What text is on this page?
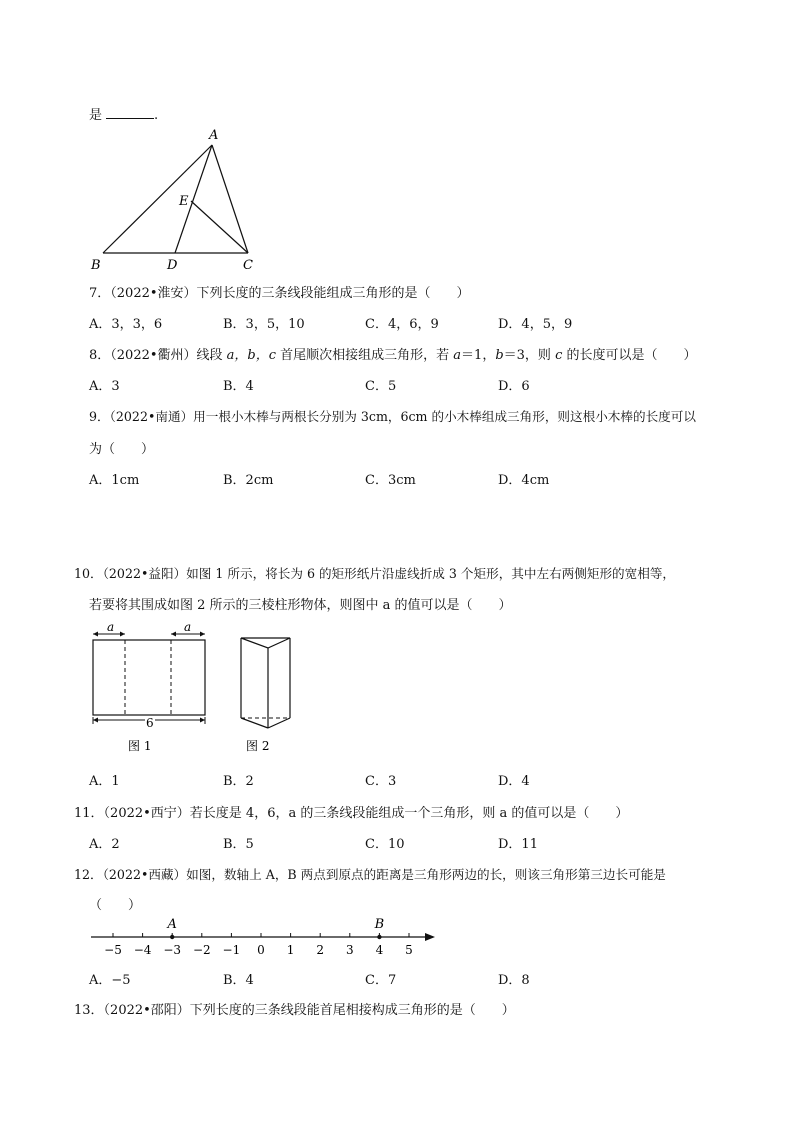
是	.
A
E
B	D	C
7．（2022•淮安）下列长度的三条线段能组成三角形的是（　　）
A．3，3，6	B．3，5，10	C．4，6，9	D．4，5，9
8．（2022•衢州）线段 a，b，c 首尾顺次相接组成三角形，若 a＝1，b＝3，则 c 的长度可以是（　　）
A．3	B．4	C．5	D．6
9．（2022•南通）用一根小木棒与两根长分别为 3cm，6cm 的小木棒组成三角形，则这根小木棒的长度可以
为（　　）
A．1cm	B．2cm	C．3cm	D．4cm
10．（2022•益阳）如图 1 所示，将长为 6 的矩形纸片沿虚线折成 3 个矩形，其中左右两侧矩形的宽相等，
若要将其围成如图 2 所示的三棱柱形物体，则图中 a 的值可以是（　　）
a	a
6
图 1	图 2
A．1	B．2	C．3	D．4
11．（2022•西宁）若长度是 4，6，a 的三条线段能组成一个三角形，则 a 的值可以是（　　）
A．2	B．5	C．10	D．11
12．（2022•西藏）如图，数轴上 A，B 两点到原点的距离是三角形两边的长，则该三角形第三边长可能是
（　　）
−5 −4 −3 −2 −1 0 1 2 3 4 5
A	B
A．−5	B．4	C．7	D．8
13．（2022•邵阳）下列长度的三条线段能首尾相接构成三角形的是（　　）
